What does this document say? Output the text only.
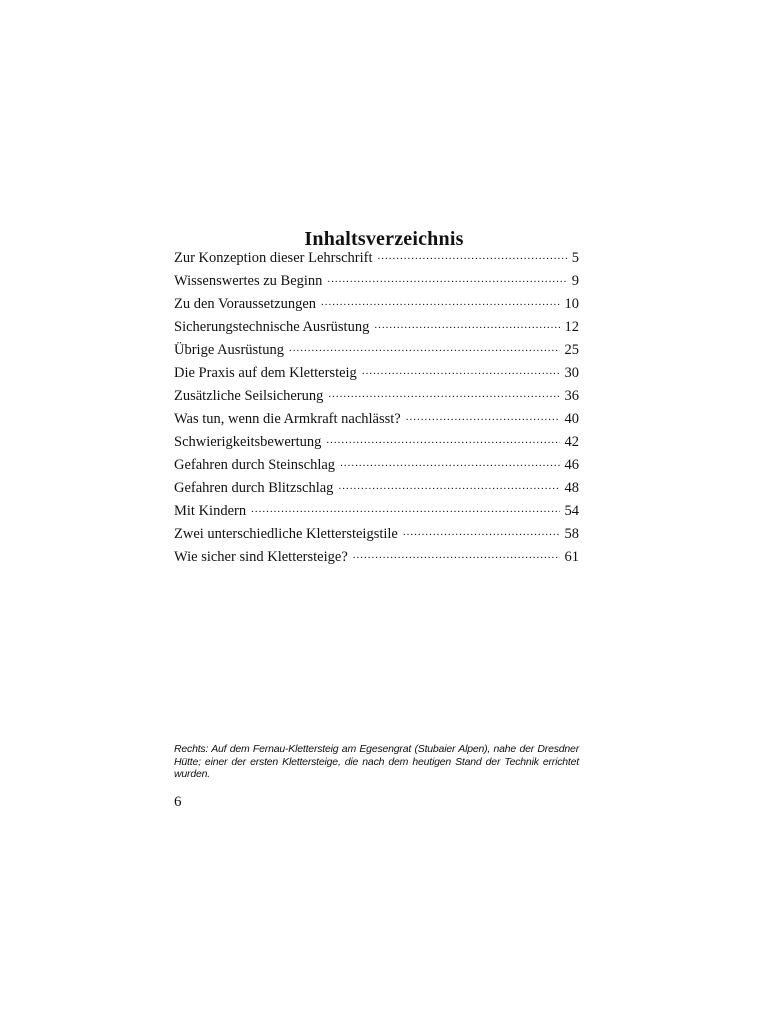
Inhaltsverzeichnis
Zur Konzeption dieser Lehrschrift .....	5
Wissenswertes zu Beginn .....	9
Zu den Voraussetzungen .....	10
Sicherungstechnische Ausrüstung .....	12
Übrige Ausrüstung .....	25
Die Praxis auf dem Klettersteig .....	30
Zusätzliche Seilsicherung .....	36
Was tun, wenn die Armkraft nachlässt? .....	40
Schwierigkeitsbewertung .....	42
Gefahren durch Steinschlag .....	46
Gefahren durch Blitzschlag .....	48
Mit Kindern .....	54
Zwei unterschiedliche Klettersteigstile .....	58
Wie sicher sind Klettersteige? .....	61

Rechts: Auf dem Fernau-Klettersteig am Egesengrat (Stubaier Alpen), nahe der Dresdner Hütte; einer der ersten Klettersteige, die nach dem heutigen Stand der Technik errichtet wurden.

6
